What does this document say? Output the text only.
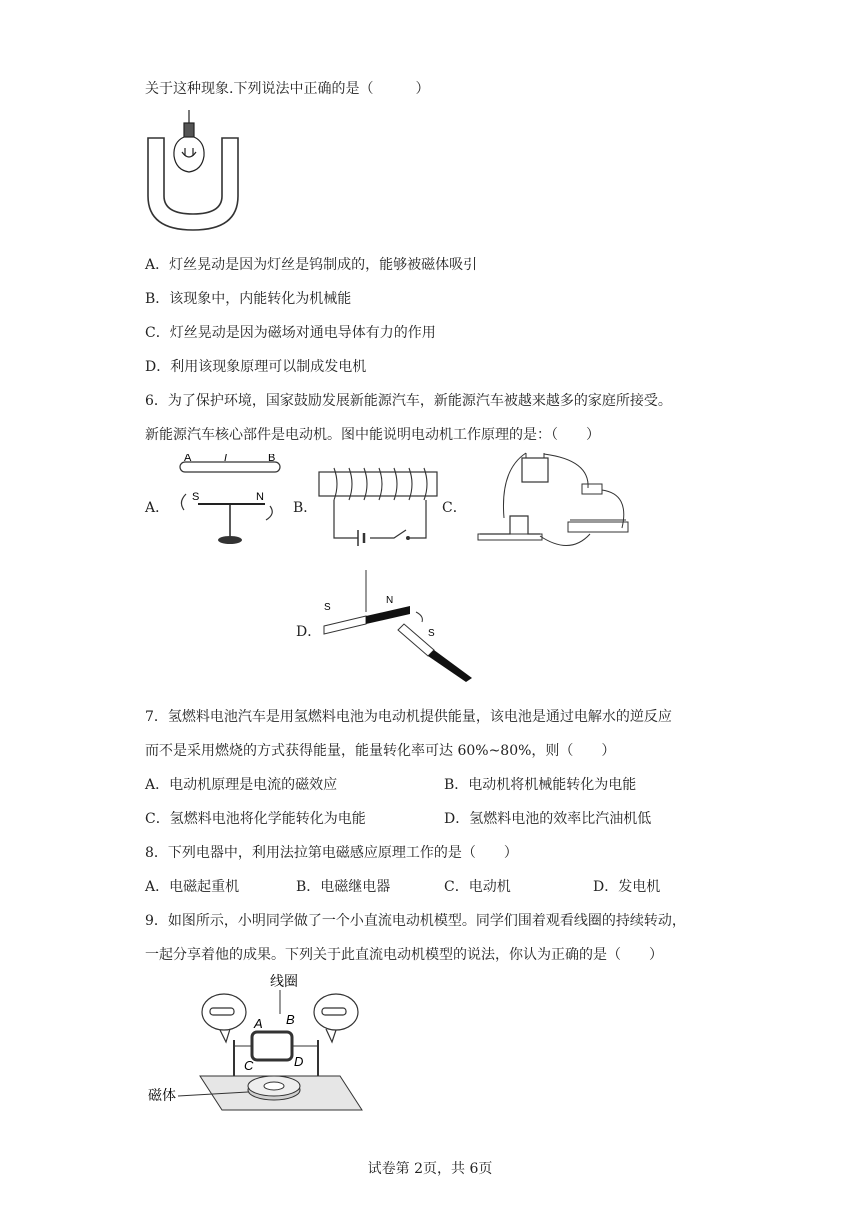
关于这种现象.下列说法中正确的是（　　　）
A．灯丝晃动是因为灯丝是钨制成的，能够被磁体吸引
B．该现象中，内能转化为机械能
C．灯丝晃动是因为磁场对通电导体有力的作用
D．利用该现象原理可以制成发电机
6．为了保护环境，国家鼓励发展新能源汽车，新能源汽车被越来越多的家庭所接受。
新能源汽车核心部件是电动机。图中能说明电动机工作原理的是：（　　）
A．
A	I	B
S	N
B．	C．
D．
S
N
S
7．氢燃料电池汽车是用氢燃料电池为电动机提供能量，该电池是通过电解水的逆反应
而不是采用燃烧的方式获得能量，能量转化率可达 60%~80%，则（　　）
A．电动机原理是电流的磁效应	B．电动机将机械能转化为电能
C．氢燃料电池将化学能转化为电能	D．氢燃料电池的效率比汽油机低
8．下列电器中，利用法拉第电磁感应原理工作的是（　　）
A．电磁起重机	B．电磁继电器	C．电动机	D．发电机
9．如图所示，小明同学做了一个小直流电动机模型。同学们围着观看线圈的持续转动，
一起分享着他的成果。下列关于此直流电动机模型的说法，你认为正确的是（　　）
线圈
A B
C	D
磁体
试卷第 2页，共 6页
